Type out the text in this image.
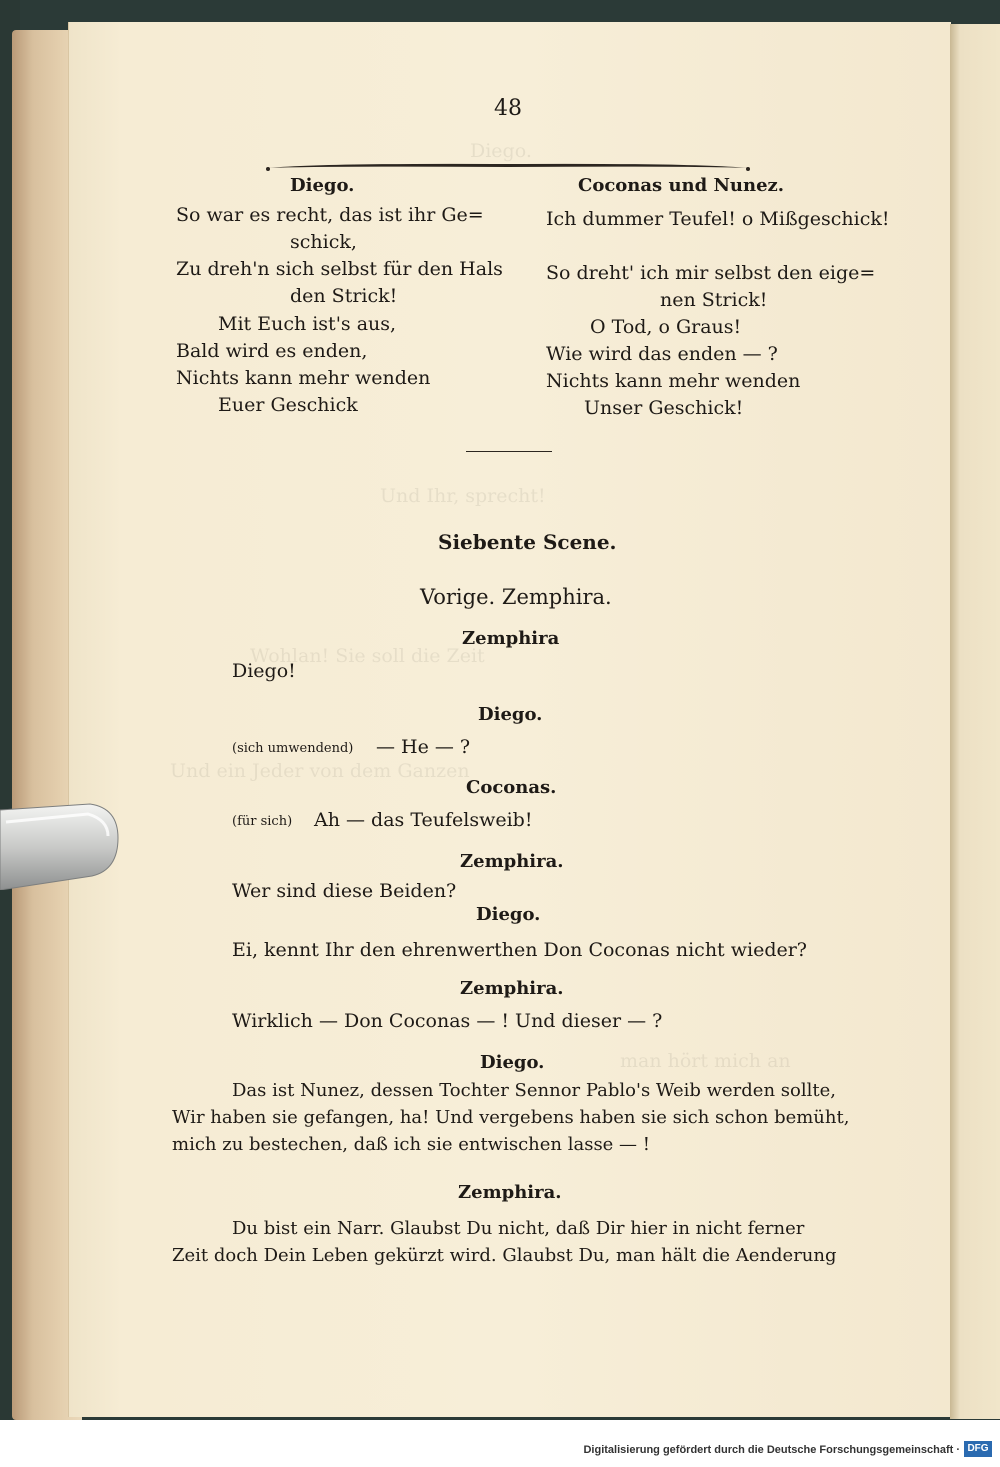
Diego.
Und Ihr, sprecht!
Wohlan! Sie soll die Zeit
Und ein Jeder von dem Ganzen
man hört mich an
48
Diego.
So war es recht, das ist ihr Ge=
schick,
Zu dreh'n sich selbst für den Hals
den Strick!
Mit Euch ist's aus,
Bald wird es enden,
Nichts kann mehr wenden
Euer Geschick
Coconas und Nunez.
Ich dummer Teufel! o Mißgeschick!
So dreht' ich mir selbst den eige=
nen Strick!
O Tod, o Graus!
Wie wird das enden — ?
Nichts kann mehr wenden
Unser Geschick!
Siebente Scene.
Vorige. Zemphira.
Zemphira
Diego!
Diego.
(sich umwendend) — He — ?
Coconas.
(für sich) Ah — das Teufelsweib!
Zemphira.
Wer sind diese Beiden?
Diego.
Ei, kennt Ihr den ehrenwerthen Don Coconas nicht wieder?
Zemphira.
Wirklich — Don Coconas — ! Und dieser — ?
Diego.
Das ist Nunez, dessen Tochter Sennor Pablo's Weib werden sollte,
Wir haben sie gefangen, ha! Und vergebens haben sie sich schon bemüht,
mich zu bestechen, daß ich sie entwischen lasse — !
Zemphira.
Du bist ein Narr. Glaubst Du nicht, daß Dir hier in nicht ferner
Zeit doch Dein Leben gekürzt wird. Glaubst Du, man hält die Aenderung
Digitalisierung gefördert durch die Deutsche Forschungsgemeinschaft · DFG
